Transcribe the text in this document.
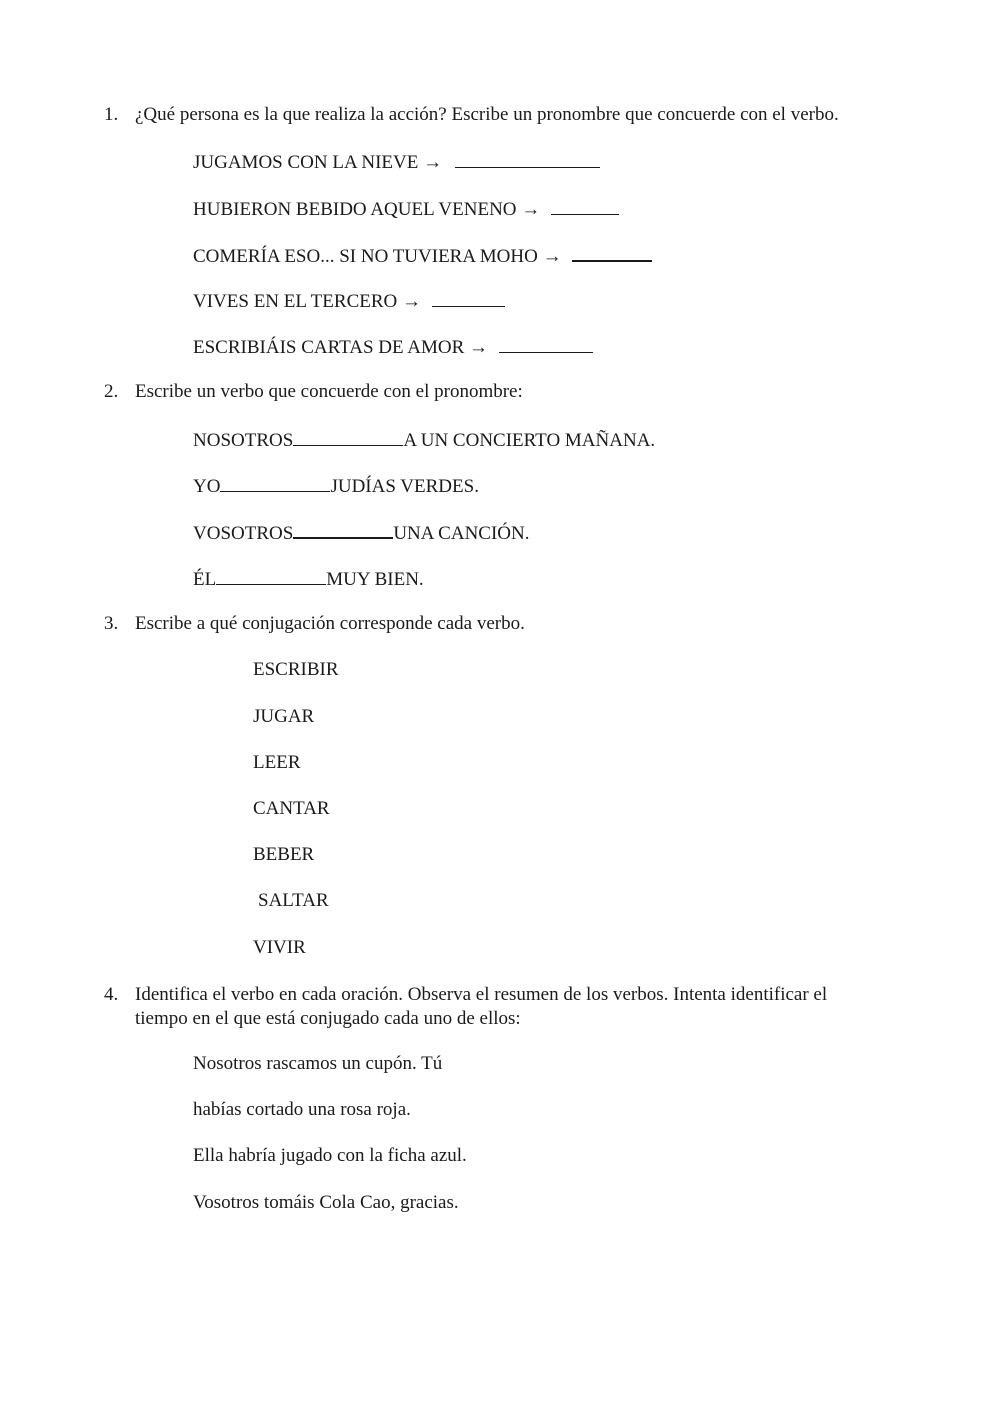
1. ¿Qué persona es la que realiza la acción? Escribe un pronombre que concuerde con el verbo.
JUGAMOS CON LA NIEVE →
HUBIERON BEBIDO AQUEL VENENO →
COMERÍA ESO... SI NO TUVIERA MOHO →
VIVES EN EL TERCERO →
ESCRIBIÁIS CARTAS DE AMOR →
2. Escribe un verbo que concuerde con el pronombre:
NOSOTROS	A UN CONCIERTO MAÑANA.
YO	JUDÍAS VERDES.
VOSOTROS	UNA CANCIÓN.
ÉL	MUY BIEN.
3. Escribe a qué conjugación corresponde cada verbo.
ESCRIBIR
JUGAR
LEER
CANTAR
BEBER
SALTAR
VIVIR
4. Identifica el verbo en cada oración. Observa el resumen de los verbos. Intenta identificar el
tiempo en el que está conjugado cada uno de ellos:
Nosotros rascamos un cupón. Tú
habías cortado una rosa roja.
Ella habría jugado con la ficha azul.
Vosotros tomáis Cola Cao, gracias.
